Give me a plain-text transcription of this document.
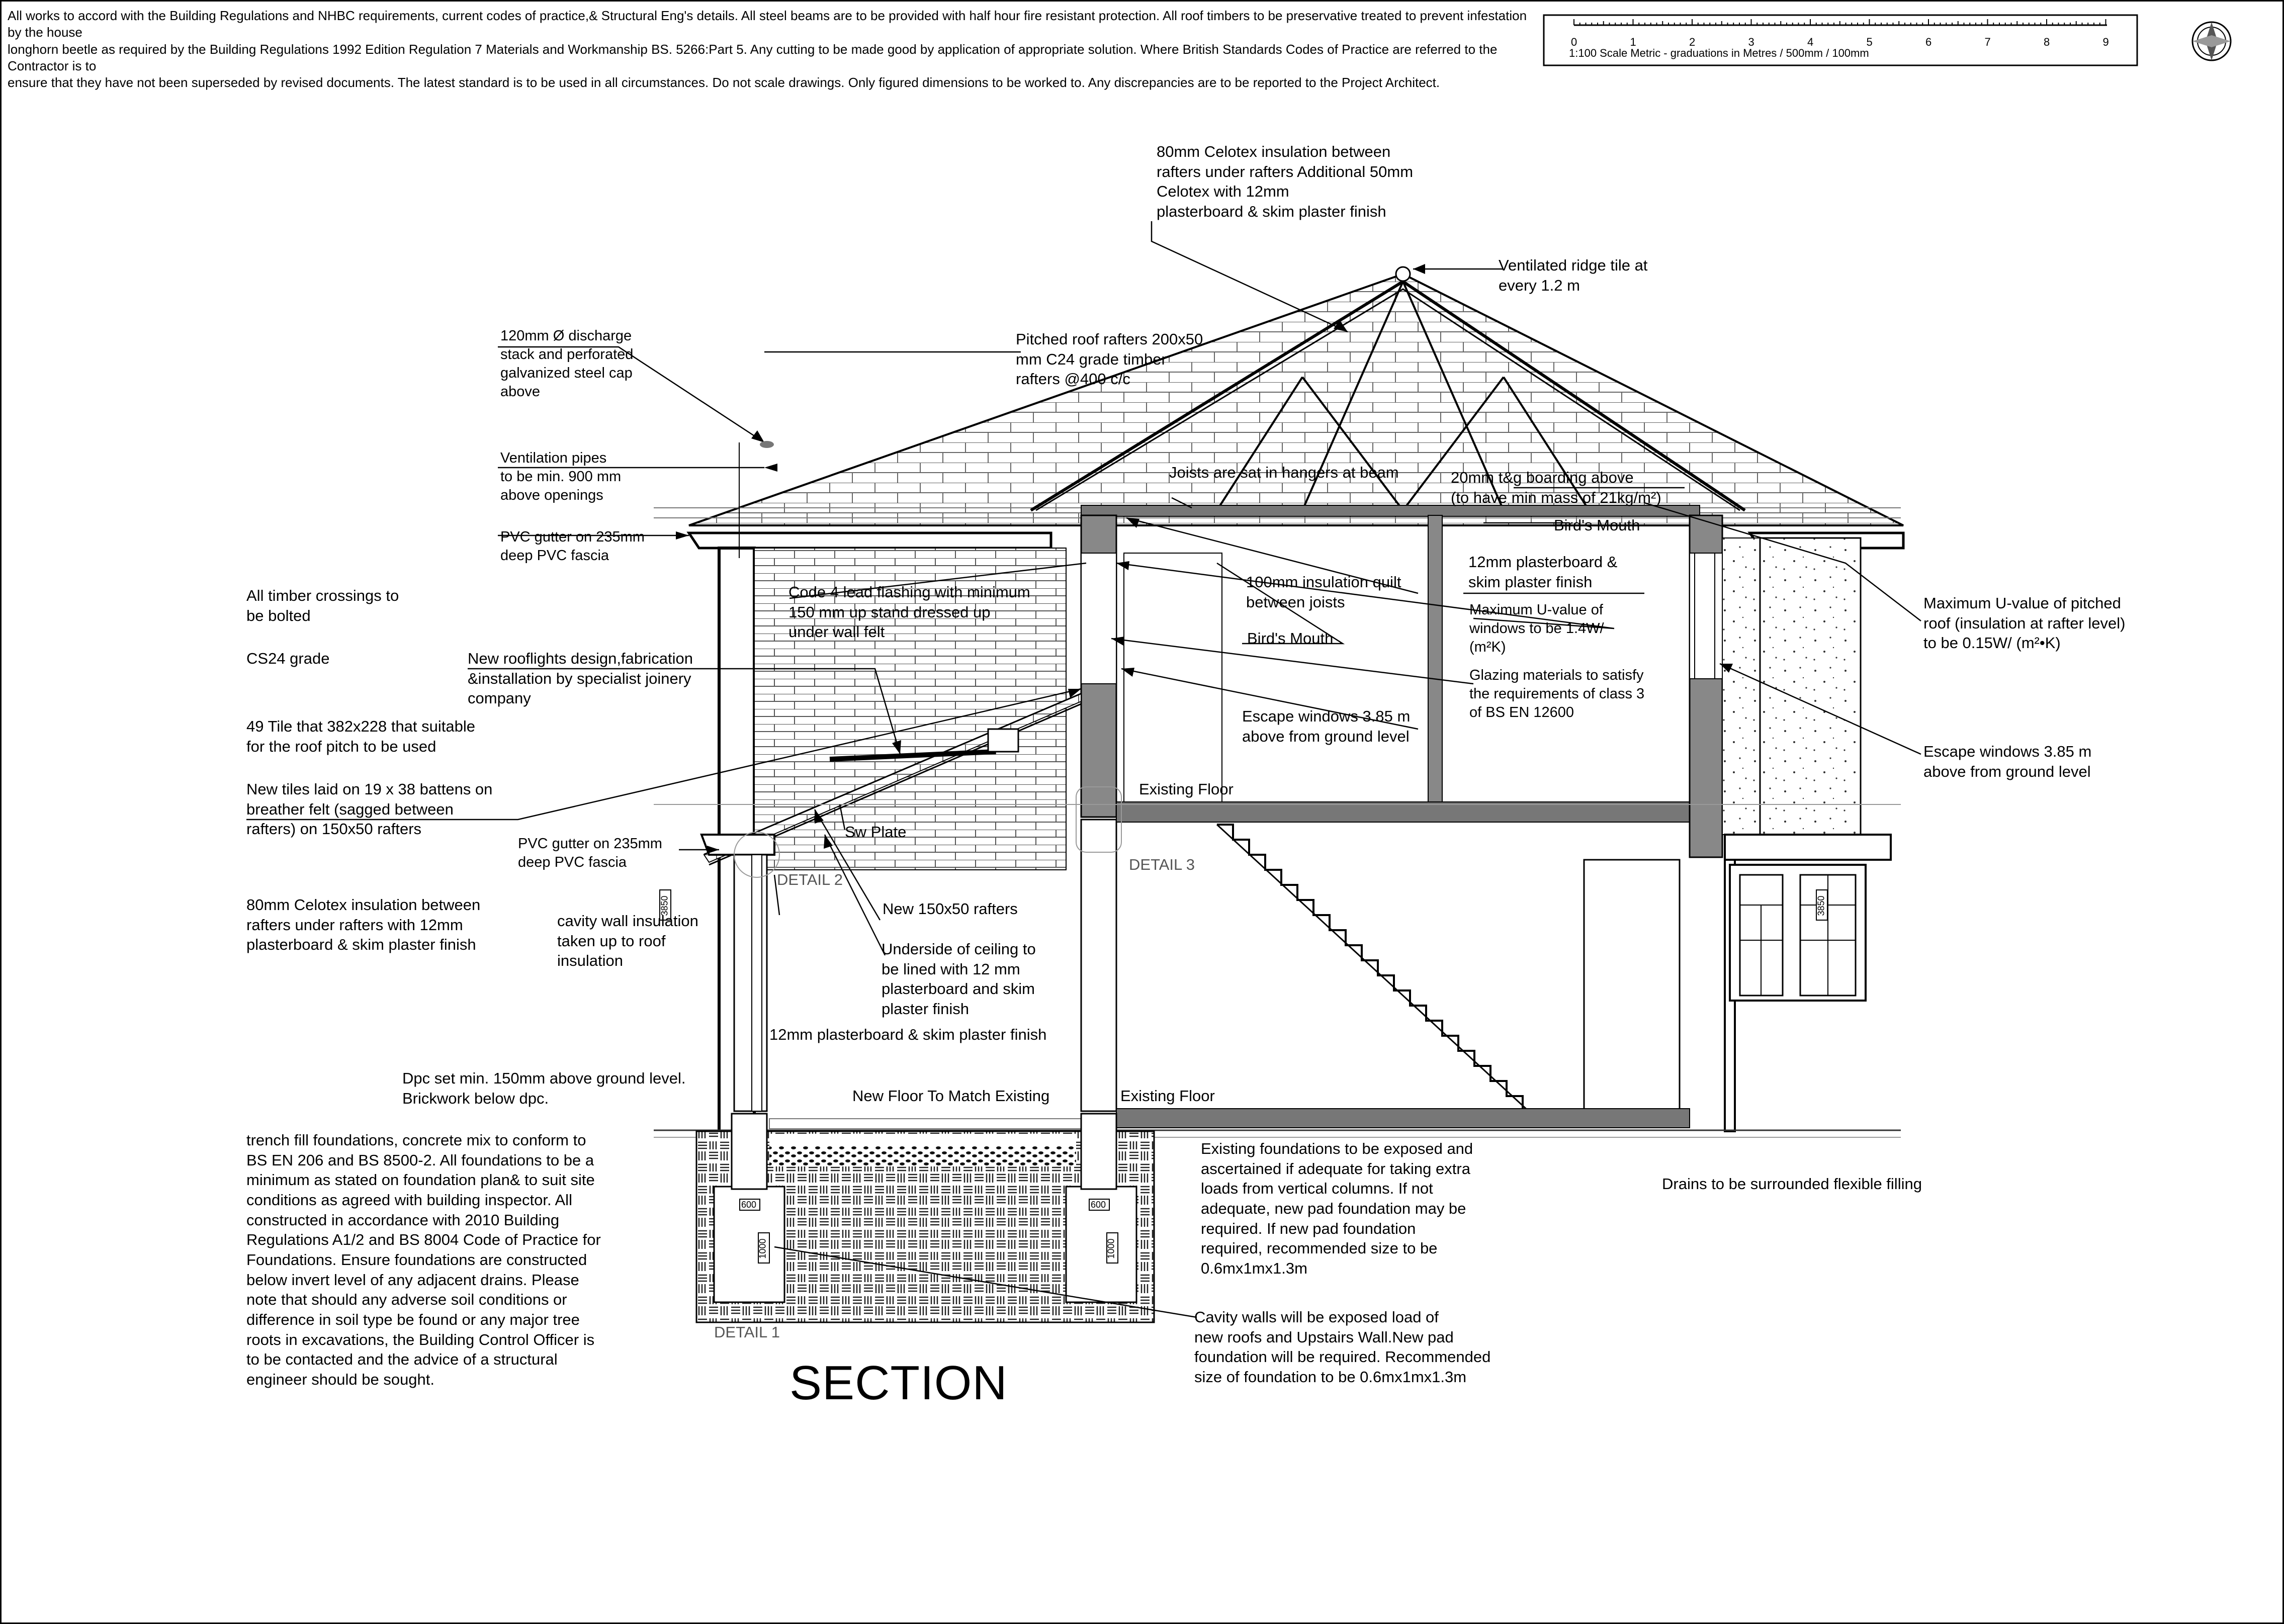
All works to accord with the Building Regulations and NHBC requirements, current codes of practice,& Structural Eng's details. All steel beams are to be provided with half hour fire resistant protection. All roof timbers to be preservative treated to prevent infestation by the house
longhorn beetle as required by the Building Regulations 1992 Edition Regulation 7 Materials and Workmanship BS. 5266:Part 5. Any cutting to be made good by application of appropriate solution. Where British Standards Codes of Practice are referred to the Contractor is to
ensure that they have not been superseded by revised documents. The latest standard is to be used in all circumstances. Do not scale drawings. Only figured dimensions to be worked to. Any discrepancies are to be reported to the Project Architect.
0	1	2	3	4	5	6	7	8	9
1:100 Scale Metric - graduations in Metres / 500mm / 100mm
SECTION
80mm Celotex insulation between
rafters under rafters Additional 50mm
Celotex with 12mm
plasterboard & skim plaster finish
Ventilated ridge tile at
every 1.2 m
120mm Ø discharge
stack and perforated
galvanized steel cap
above
Pitched roof rafters 200x50
mm C24 grade timber
rafters @400 c/c
Ventilation pipes
to be min. 900 mm
above openings
Joists are sat in hangers at beam	20mm t&g boarding above
(to have min mass of 21kg/m²)
Bird's Mouth
PVC gutter on 235mm
deep PVC fascia
All timber crossings to
be bolted
Code 4 lead flashing with minimum
150 mm up stand dressed up
under wall felt
100mm insulation quilt
between joists
12mm plasterboard &
skim plaster finish
Maximum U-value of pitched
roof (insulation at rafter level)
to be 0.15W/ (m²•K)
Maximum U-value of
windows to be 1.4W/
(m²K)
CS24 grade	New rooflights design,fabrication
&installation by specialist joinery
company
Bird's Mouth
Glazing materials to satisfy
the requirements of class 3
of BS EN 12600
49 Tile that 382x228 that suitable
for the roof pitch to be used
Escape windows 3.85 m
above from ground level
Escape windows 3.85 m
above from ground level
New tiles laid on 19 x 38 battens on
breather felt (sagged between
rafters) on 150x50 rafters
Existing Floor
Sw Plate
PVC gutter on 235mm
deep PVC fascia
DETAIL 2
DETAIL 3
80mm Celotex insulation between
rafters under rafters with 12mm
plasterboard & skim plaster finish
New 150x50 rafters
cavity wall insulation
taken up to roof
insulation
Underside of ceiling to
be lined with 12 mm
plasterboard and skim
plaster finish
12mm plasterboard & skim plaster finish
Dpc set min. 150mm above ground level.
Brickwork below dpc.	New Floor To Match Existing	Existing Floor
trench fill foundations, concrete mix to conform to
BS EN 206 and BS 8500-2. All foundations to be a
minimum as stated on foundation plan& to suit site
conditions as agreed with building inspector. All
constructed in accordance with 2010 Building
Regulations A1/2 and BS 8004 Code of Practice for
Foundations. Ensure foundations are constructed
below invert level of any adjacent drains. Please
note that should any adverse soil conditions or
difference in soil type be found or any major tree
roots in excavations, the Building Control Officer is
to be contacted and the advice of a structural
engineer should be sought.
Existing foundations to be exposed and
ascertained if adequate for taking extra
loads from vertical columns. If not
adequate, new pad foundation may be
required. If new pad foundation
required, recommended size to be
0.6mx1mx1.3m
Drains to be surrounded flexible filling
DETAIL 1
Cavity walls will be exposed load of
new roofs and Upstairs Wall.New pad
foundation will be required. Recommended
size of foundation to be 0.6mx1mx1.3m
600	600
1000	1000
3850	3850
